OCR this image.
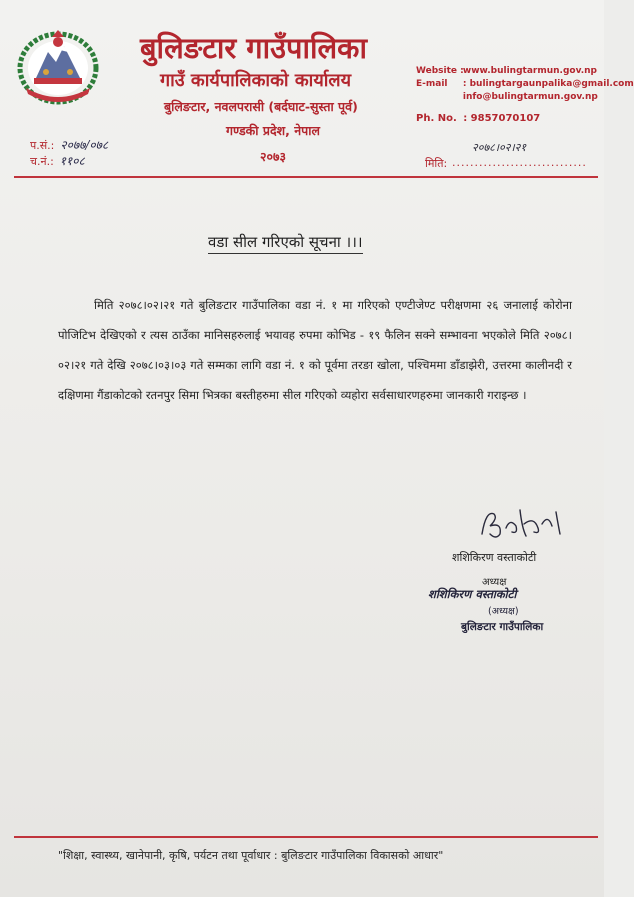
बुलिङटार गाउँपालिका
गाउँ कार्यपालिकाको कार्यालय
बुलिङटार, नवलपरासी (बर्दघाट-सुस्ता पूर्व)
गण्डकी प्रदेश, नेपाल
२०७३
Website : www.bulingtarmun.gov.np
E-mail : bulingtargaunpalika@gmail.com
info@bulingtarmun.gov.np
Ph. No. : 9857070107
प.सं.: २०७७/०७८
च.नं.: ११०८
२०७८।०२।२१
मिति: ..............................
वडा सील गरिएको सूचना ।।।

मिति २०७८।०२।२१ गते बुलिङटार गाउँपालिका वडा नं. १ मा गरिएको एण्टीजेण्ट परीक्षणमा २६ जनालाई कोरोना पोजिटिभ देखिएको र त्यस ठाउँका मानिसहरुलाई भयावह रुपमा कोभिड - १९ फैलिन सक्ने सम्भावना भएकोले मिति २०७८।०२।२१ गते देखि २०७८।०३।०३ गते सम्मका लागि वडा नं. १ को पूर्वमा तरङा खोला, पश्चिममा डाँडाझेरी, उत्तरमा कालीनदी र दक्षिणमा गैंडाकोटको रतनपुर सिमा भित्रका बस्तीहरुमा सील गरिएको व्यहोरा सर्वसाधारणहरुमा जानकारी गराइन्छ ।

शशिकिरण वस्ताकोटी
अध्यक्ष
शशिकिरण वस्ताकोटी
(अध्यक्ष)
बुलिङटार गाउँपालिका
"शिक्षा, स्वास्थ्य, खानेपानी, कृषि, पर्यटन तथा पूर्वाधार : बुलिङटार गाउँपालिका विकासको आधार"
